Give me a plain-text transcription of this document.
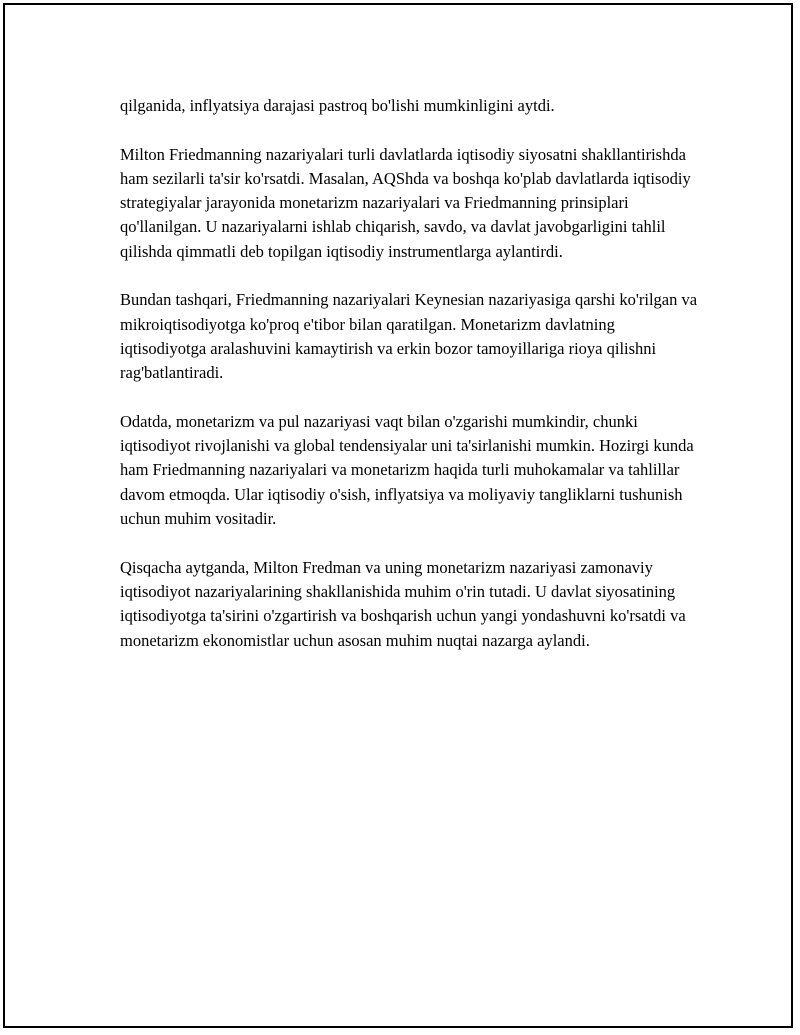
qilganida, inflyatsiya darajasi pastroq bo'lishi mumkinligini aytdi.

Milton Friedmanning nazariyalari turli davlatlarda iqtisodiy siyosatni shakllantirishda ham sezilarli ta'sir ko'rsatdi. Masalan, AQShda va boshqa ko'plab davlatlarda iqtisodiy strategiyalar jarayonida monetarizm nazariyalari va Friedmanning prinsiplari qo'llanilgan. U nazariyalarni ishlab chiqarish, savdo, va davlat javobgarligini tahlil qilishda qimmatli deb topilgan iqtisodiy instrumentlarga aylantirdi.

Bundan tashqari, Friedmanning nazariyalari Keynesian nazariyasiga qarshi ko'rilgan va mikroiqtisodiyotga ko'proq e'tibor bilan qaratilgan. Monetarizm davlatning iqtisodiyotga aralashuvini kamaytirish va erkin bozor tamoyillariga rioya qilishni rag'batlantiradi.

Odatda, monetarizm va pul nazariyasi vaqt bilan o'zgarishi mumkindir, chunki iqtisodiyot rivojlanishi va global tendensiyalar uni ta'sirlanishi mumkin. Hozirgi kunda ham Friedmanning nazariyalari va monetarizm haqida turli muhokamalar va tahlillar davom etmoqda. Ular iqtisodiy o'sish, inflyatsiya va moliyaviy tangliklarni tushunish uchun muhim vositadir.

Qisqacha aytganda, Milton Fredman va uning monetarizm nazariyasi zamonaviy iqtisodiyot nazariyalarining shakllanishida muhim o'rin tutadi. U davlat siyosatining iqtisodiyotga ta'sirini o'zgartirish va boshqarish uchun yangi yondashuvni ko'rsatdi va monetarizm ekonomistlar uchun asosan muhim nuqtai nazarga aylandi.
